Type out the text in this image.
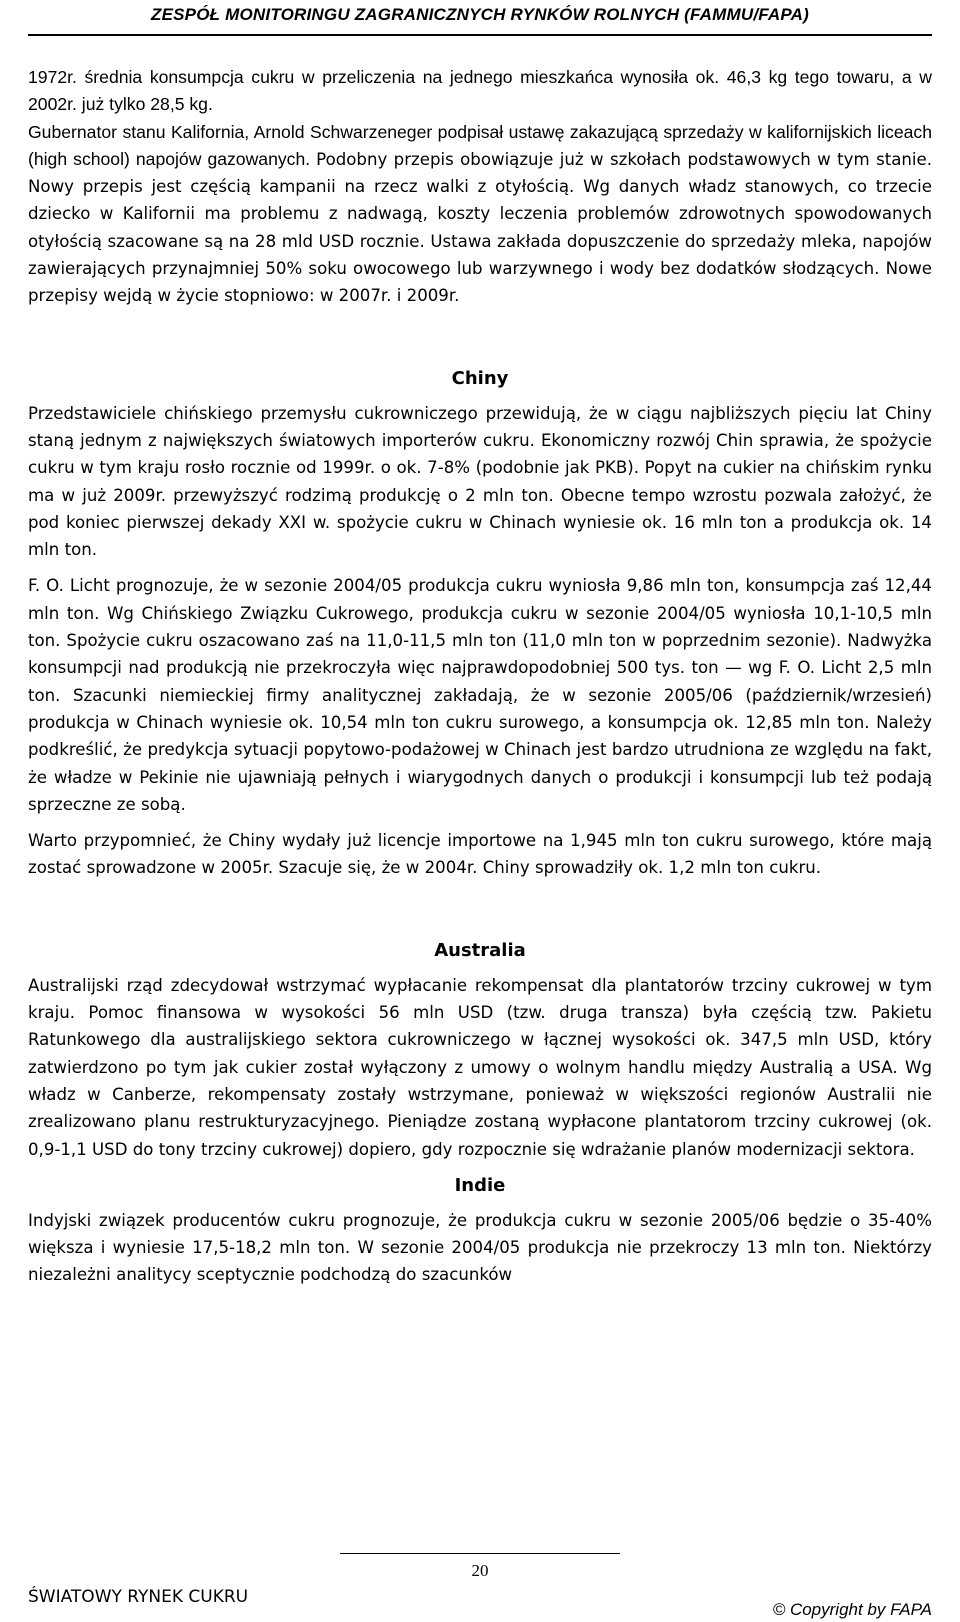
ZESPÓŁ MONITORINGU ZAGRANICZNYCH RYNKÓW ROLNYCH (FAMMU/FAPA)

1972r. średnia konsumpcja cukru w przeliczenia na jednego mieszkańca wynosiła ok. 46,3 kg tego towaru, a w 2002r. już tylko 28,5 kg.

Gubernator stanu Kalifornia, Arnold Schwarzeneger podpisał ustawę zakazującą sprzedaży w kalifornijskich liceach (high school) napojów gazowanych. Podobny przepis obowiązuje już w szkołach podstawowych w tym stanie. Nowy przepis jest częścią kampanii na rzecz walki z otyłością. Wg danych władz stanowych, co trzecie dziecko w Kalifornii ma problemu z nadwagą, koszty leczenia problemów zdrowotnych spowodowanych otyłością szacowane są na 28 mld USD rocznie. Ustawa zakłada dopuszczenie do sprzedaży mleka, napojów zawierających przynajmniej 50% soku owocowego lub warzywnego i wody bez dodatków słodzących. Nowe przepisy wejdą w życie stopniowo: w 2007r. i 2009r.

Chiny

Przedstawiciele chińskiego przemysłu cukrowniczego przewidują, że w ciągu najbliższych pięciu lat Chiny staną jednym z największych światowych importerów cukru. Ekonomiczny rozwój Chin sprawia, że spożycie cukru w tym kraju rosło rocznie od 1999r. o ok. 7-8% (podobnie jak PKB). Popyt na cukier na chińskim rynku ma w już 2009r. przewyższyć rodzimą produkcję o 2 mln ton. Obecne tempo wzrostu pozwala założyć, że pod koniec pierwszej dekady XXI w. spożycie cukru w Chinach wyniesie ok. 16 mln ton a produkcja ok. 14 mln ton.

F. O. Licht prognozuje, że w sezonie 2004/05 produkcja cukru wyniosła 9,86 mln ton, konsumpcja zaś 12,44 mln ton. Wg Chińskiego Związku Cukrowego, produkcja cukru w sezonie 2004/05 wyniosła 10,1-10,5 mln ton. Spożycie cukru oszacowano zaś na 11,0-11,5 mln ton (11,0 mln ton w poprzednim sezonie). Nadwyżka konsumpcji nad produkcją nie przekroczyła więc najprawdopodobniej 500 tys. ton — wg F. O. Licht 2,5 mln ton. Szacunki niemieckiej firmy analitycznej zakładają, że w sezonie 2005/06 (październik/wrzesień) produkcja w Chinach wyniesie ok. 10,54 mln ton cukru surowego, a konsumpcja ok. 12,85 mln ton. Należy podkreślić, że predykcja sytuacji popytowo-podażowej w Chinach jest bardzo utrudniona ze względu na fakt, że władze w Pekinie nie ujawniają pełnych i wiarygodnych danych o produkcji i konsumpcji lub też podają sprzeczne ze sobą.

Warto przypomnieć, że Chiny wydały już licencje importowe na 1,945 mln ton cukru surowego, które mają zostać sprowadzone w 2005r. Szacuje się, że w 2004r. Chiny sprowadziły ok. 1,2 mln ton cukru.

Australia

Australijski rząd zdecydował wstrzymać wypłacanie rekompensat dla plantatorów trzciny cukrowej w tym kraju. Pomoc finansowa w wysokości 56 mln USD (tzw. druga transza) była częścią tzw. Pakietu Ratunkowego dla australijskiego sektora cukrowniczego w łącznej wysokości ok. 347,5 mln USD, który zatwierdzono po tym jak cukier został wyłączony z umowy o wolnym handlu między Australią a USA. Wg władz w Canberze, rekompensaty zostały wstrzymane, ponieważ w większości regionów Australii nie zrealizowano planu restrukturyzacyjnego. Pieniądze zostaną wypłacone plantatorom trzciny cukrowej (ok. 0,9-1,1 USD do tony trzciny cukrowej) dopiero, gdy rozpocznie się wdrażanie planów modernizacji sektora.

Indie

Indyjski związek producentów cukru prognozuje, że produkcja cukru w sezonie 2005/06 będzie o 35-40% większa i wyniesie 17,5-18,2 mln ton. W sezonie 2004/05 produkcja nie przekroczy 13 mln ton. Niektórzy niezależni analitycy sceptycznie podchodzą do szacunków

20
ŚWIATOWY RYNEK CUKRU
© Copyright by FAPA
